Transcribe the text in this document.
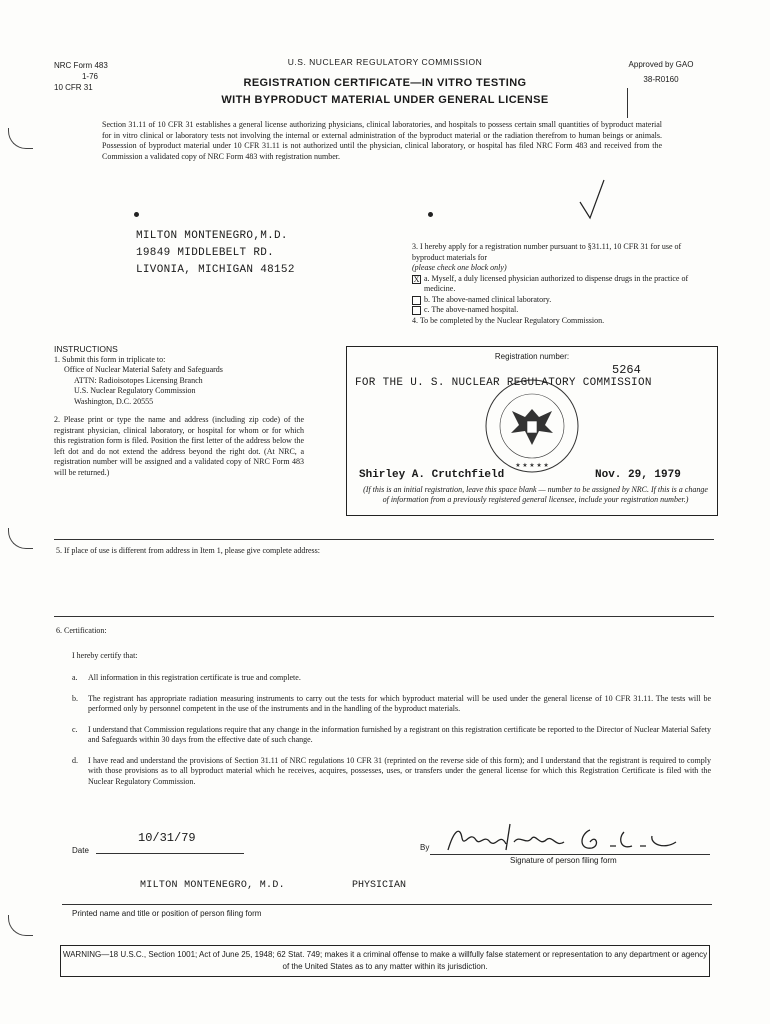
NRC Form 483
1-76
10 CFR 31
U.S. NUCLEAR REGULATORY COMMISSION	Approved by GAO
38-R0160
REGISTRATION CERTIFICATE—IN VITRO TESTING
WITH BYPRODUCT MATERIAL UNDER GENERAL LICENSE
Section 31.11 of 10 CFR 31 establishes a general license authorizing physicians, clinical laboratories, and hospitals to possess certain small quantities of byproduct material for in vitro clinical or laboratory tests not involving the internal or external administration of the byproduct material or the radiation therefrom to human beings or animals. Possession of byproduct material under 10 CFR 31.11 is not authorized until the physician, clinical laboratory, or hospital has filed NRC Form 483 and received from the Commission a validated copy of NRC Form 483 with registration number.
MILTON MONTENEGRO,M.D.
19849 MIDDLEBELT RD.
LIVONIA, MICHIGAN 48152
3. I hereby apply for a registration number pursuant to §31.11, 10 CFR 31 for use of byproduct materials for
(please check one block only)
X a. Myself, a duly licensed physician authorized to dispense drugs in the practice of medicine.
b. The above-named clinical laboratory.
c. The above-named hospital.
4. To be completed by the Nuclear Regulatory Commission.
INSTRUCTIONS

1. Submit this form in triplicate to:

Office of Nuclear Material Safety and Safeguards

ATTN: Radioisotopes Licensing Branch

U.S. Nuclear Regulatory Commission

Washington, D.C. 20555

2. Please print or type the name and address (including zip code) of the registrant physician, clinical laboratory, or hospital for whom or for which this registration form is filed. Position the first letter of the address below the left dot and do not extend the address beyond the right dot. (At NRC, a registration number will be assigned and a validated copy of NRC Form 483 will be returned.)

Registration number:
5264
★ ★ ★ ★ ★
FOR THE U. S. NUCLEAR REGULATORY COMMISSION
Shirley A. Crutchfield	Nov. 29, 1979
(If this is an initial registration, leave this space blank — number to be assigned by NRC. If this is a change of information from a previously registered general licensee, include your registration number.)
5. If place of use is different from address in Item 1, please give complete address:
6. Certification:
I hereby certify that:
a.	All information in this registration certificate is true and complete.
b. The registrant has appropriate radiation measuring instruments to carry out the tests for which byproduct material will be used under the general license of 10 CFR 31.11. The tests will be performed only by personnel competent in the use of the instruments and in the handling of the byproduct materials.
c.	I understand that Commission regulations require that any change in the information furnished by a registrant on this registration certificate be reported to the Director of Nuclear Material Safety and Safeguards within 30 days from the effective date of such change.
d. I have read and understand the provisions of Section 31.11 of NRC regulations 10 CFR 31 (reprinted on the reverse side of this form); and I understand that the registrant is required to comply with those provisions as to all byproduct material which he receives, acquires, possesses, uses, or transfers under the general license for which this Registration Certificate is filed with the Nuclear Regulatory Commission.
Date
10/31/79
By
Signature of person filing form
MILTON MONTENEGRO, M.D.	PHYSICIAN
Printed name and title or position of person filing form
WARNING—18 U.S.C., Section 1001; Act of June 25, 1948; 62 Stat. 749; makes it a criminal offense to make a willfully false statement or representation to any department or agency of the United States as to any matter within its jurisdiction.
